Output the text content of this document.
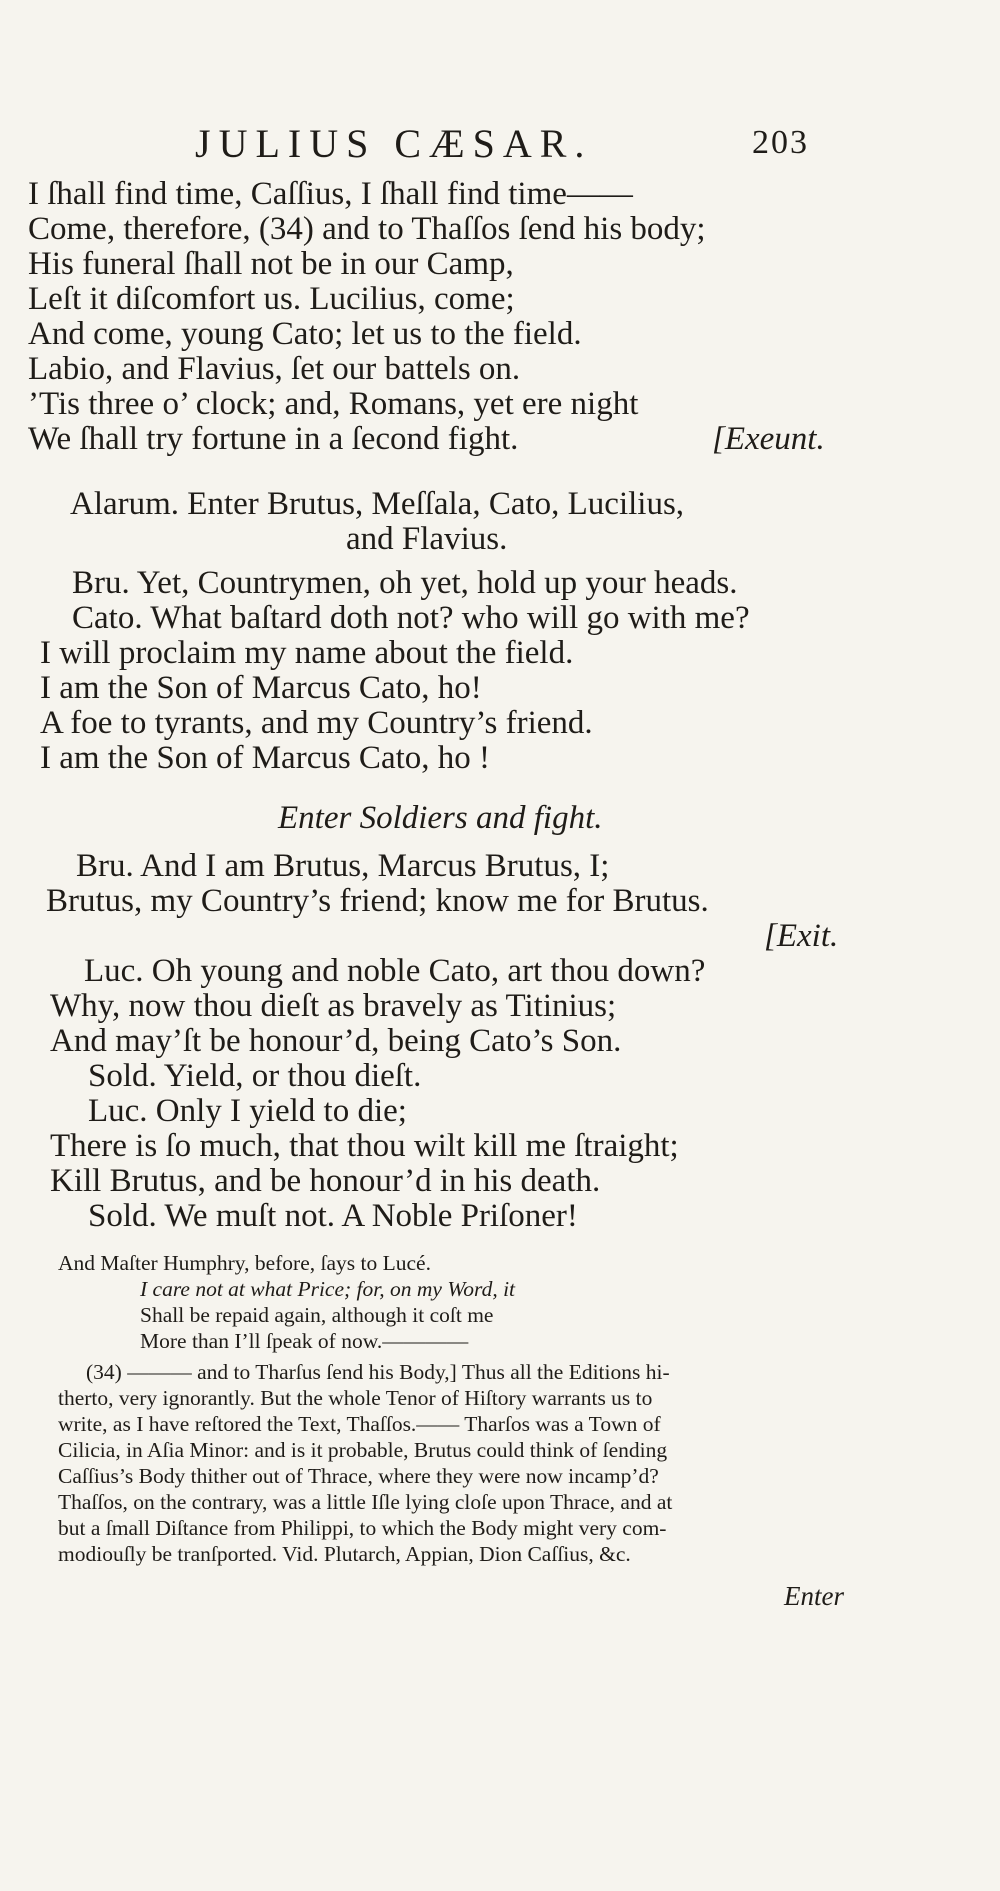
JULIUS CÆSAR.	203
I ſhall find time, Caſſius, I ſhall find time——
Come, therefore, (34) and to Thaſſos ſend his body;
His funeral ſhall not be in our Camp,
Leſt it diſcomfort us. Lucilius, come;
And come, young Cato; let us to the field.
Labio, and Flavius, ſet our battels on.
’Tis three o’ clock; and, Romans, yet ere night
We ſhall try fortune in a ſecond fight.	[Exeunt.
Alarum. Enter Brutus, Meſſala, Cato, Lucilius,
and Flavius.
Bru. Yet, Countrymen, oh yet, hold up your heads.
Cato. What baſtard doth not? who will go with me?
I will proclaim my name about the field.
I am the Son of Marcus Cato, ho!
A foe to tyrants, and my Country’s friend.
I am the Son of Marcus Cato, ho !
Enter Soldiers and fight.
Bru. And I am Brutus, Marcus Brutus, I;
Brutus, my Country’s friend; know me for Brutus.
[Exit.
Luc. Oh young and noble Cato, art thou down?
Why, now thou dieſt as bravely as Titinius;
And may’ſt be honour’d, being Cato’s Son.
Sold. Yield, or thou dieſt.
Luc. Only I yield to die;
There is ſo much, that thou wilt kill me ſtraight;
Kill Brutus, and be honour’d in his death.
Sold. We muſt not. A Noble Priſoner!
And Maſter Humphry, before, ſays to Lucé.
I care not at what Price; for, on my Word, it
Shall be repaid again, although it coſt me
More than I’ll ſpeak of now.————
(34) ——— and to Tharſus ſend his Body,] Thus all the Editions hi-
therto, very ignorantly. But the whole Tenor of Hiſtory warrants us to
write, as I have reſtored the Text, Thaſſos.—— Tharſos was a Town of
Cilicia, in Aſia Minor: and is it probable, Brutus could think of ſending
Caſſius’s Body thither out of Thrace, where they were now incamp’d?
Thaſſos, on the contrary, was a little Iſle lying cloſe upon Thrace, and at
but a ſmall Diſtance from Philippi, to which the Body might very com-
modiouſly be tranſported. Vid. Plutarch, Appian, Dion Caſſius, &c.
Enter
